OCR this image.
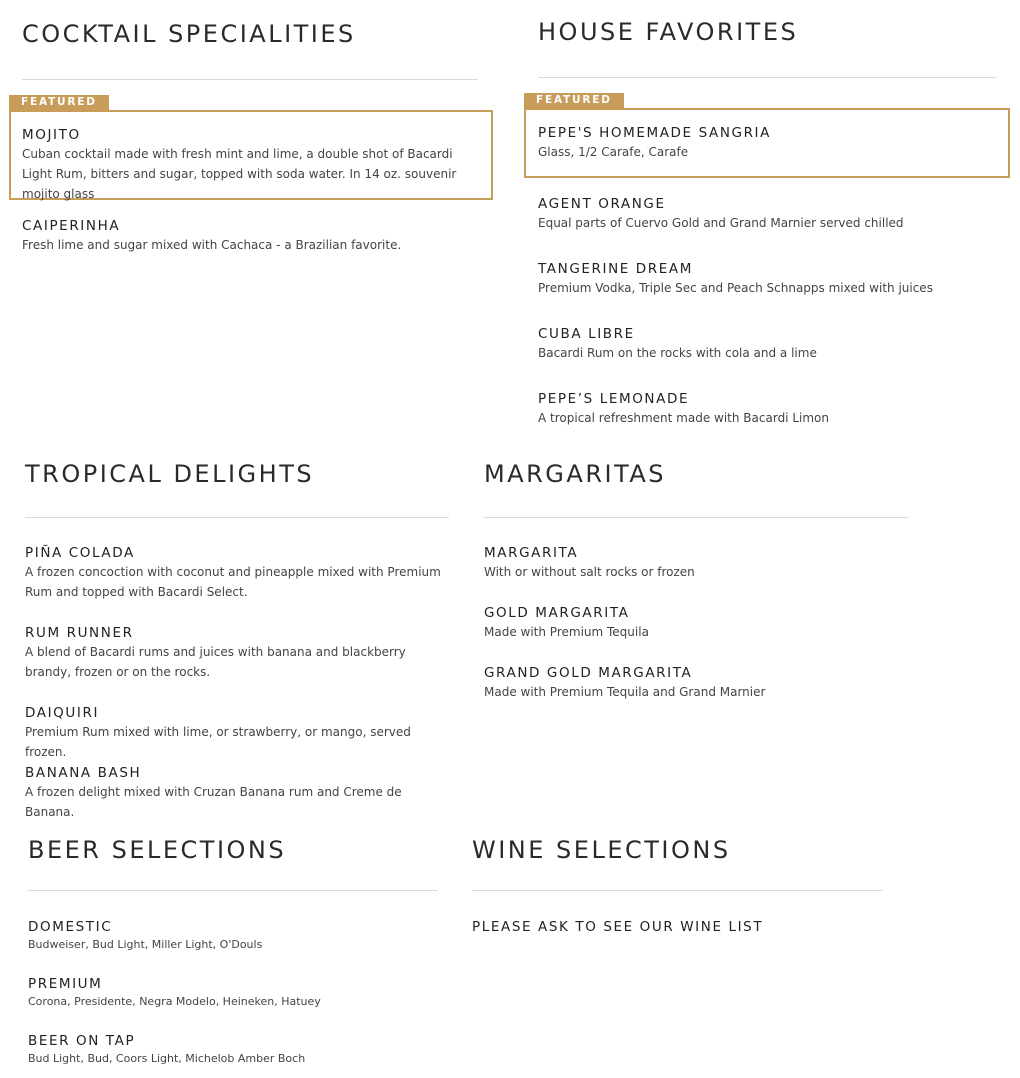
COCKTAIL SPECIALITIES
FEATURED
MOJITO
Cuban cocktail made with fresh mint and lime, a double shot of Bacardi Light Rum, bitters and sugar, topped with soda water. In 14 oz. souvenir mojito glass
CAIPERINHA
Fresh lime and sugar mixed with Cachaca - a Brazilian favorite.
HOUSE FAVORITES
FEATURED
PEPE'S HOMEMADE SANGRIA
Glass, 1/2 Carafe, Carafe
AGENT ORANGE
Equal parts of Cuervo Gold and Grand Marnier served chilled
TANGERINE DREAM
Premium Vodka, Triple Sec and Peach Schnapps mixed with juices
CUBA LIBRE
Bacardi Rum on the rocks with cola and a lime
PEPE’S LEMONADE
A tropical refreshment made with Bacardi Limon
TROPICAL DELIGHTS
PIÑA COLADA
A frozen concoction with coconut and pineapple mixed with Premium Rum and topped with Bacardi Select.
RUM RUNNER
A blend of Bacardi rums and juices with banana and blackberry brandy, frozen or on the rocks.
DAIQUIRI
Premium Rum mixed with lime, or strawberry, or mango, served frozen.
BANANA BASH
A frozen delight mixed with Cruzan Banana rum and Creme de Banana.
MARGARITAS
MARGARITA
With or without salt rocks or frozen
GOLD MARGARITA
Made with Premium Tequila
GRAND GOLD MARGARITA
Made with Premium Tequila and Grand Marnier
BEER SELECTIONS
DOMESTIC
Budweiser, Bud Light, Miller Light, O'Douls
PREMIUM
Corona, Presidente, Negra Modelo, Heineken, Hatuey
BEER ON TAP
Bud Light, Bud, Coors Light, Michelob Amber Boch
WINE SELECTIONS
PLEASE ASK TO SEE OUR WINE LIST
